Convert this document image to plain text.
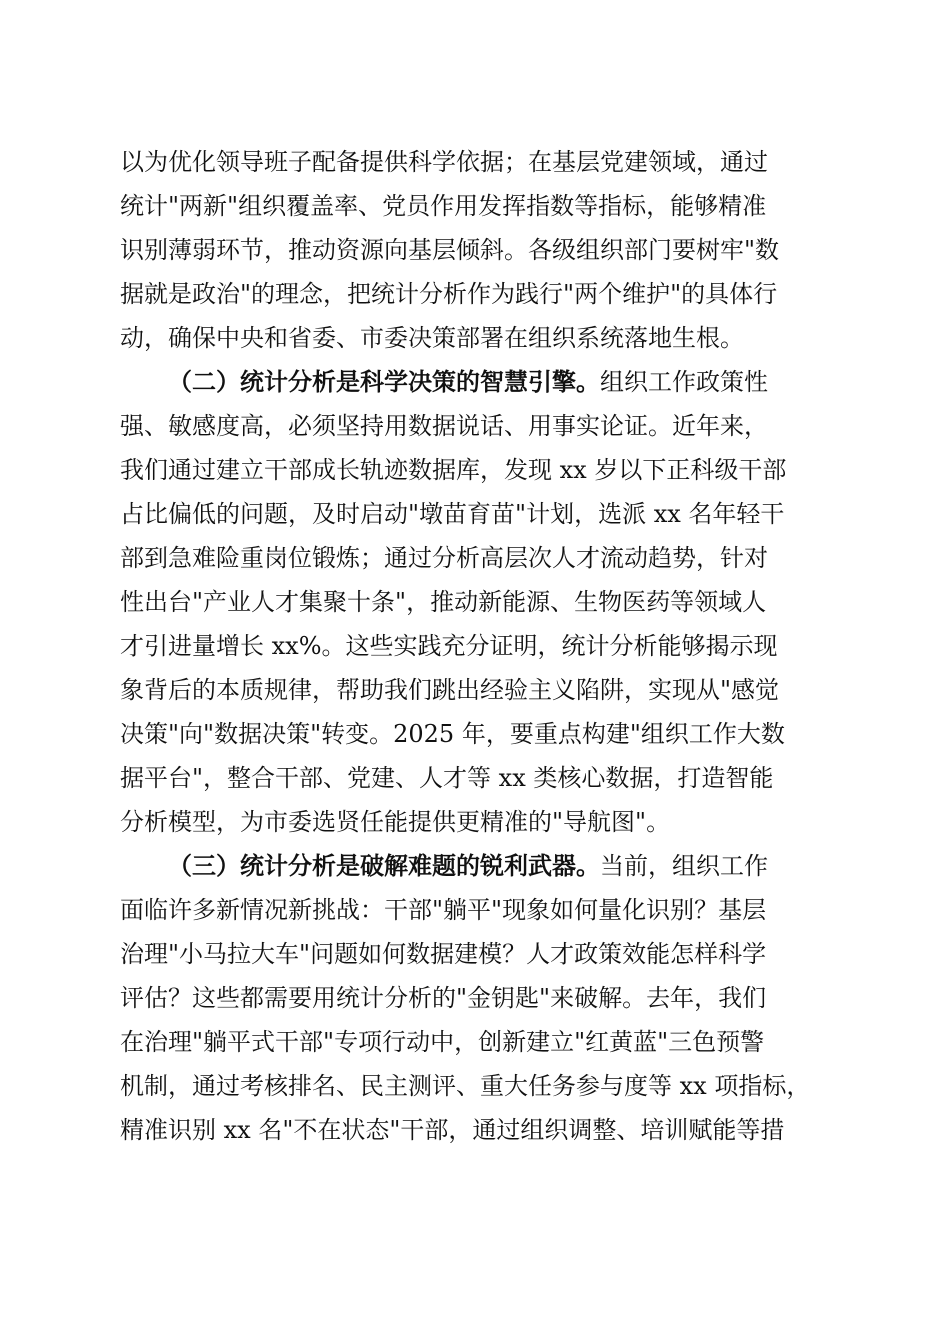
以为优化领导班子配备提供科学依据；在基层党建领域，通过
统计"两新"组织覆盖率、党员作用发挥指数等指标，能够精准
识别薄弱环节，推动资源向基层倾斜。各级组织部门要树牢"数
据就是政治"的理念，把统计分析作为践行"两个维护"的具体行
动，确保中央和省委、市委决策部署在组织系统落地生根。
（二）统计分析是科学决策的智慧引擎。组织工作政策性
强、敏感度高，必须坚持用数据说话、用事实论证。近年来，
我们通过建立干部成长轨迹数据库，发现 xx 岁以下正科级干部
占比偏低的问题，及时启动"墩苗育苗"计划，选派 xx 名年轻干
部到急难险重岗位锻炼；通过分析高层次人才流动趋势，针对
性出台"产业人才集聚十条"，推动新能源、生物医药等领域人
才引进量增长 xx%。这些实践充分证明，统计分析能够揭示现
象背后的本质规律，帮助我们跳出经验主义陷阱，实现从"感觉
决策"向"数据决策"转变。2025 年，要重点构建"组织工作大数
据平台"，整合干部、党建、人才等 xx 类核心数据，打造智能
分析模型，为市委选贤任能提供更精准的"导航图"。
（三）统计分析是破解难题的锐利武器。当前，组织工作
面临许多新情况新挑战：干部"躺平"现象如何量化识别？基层
治理"小马拉大车"问题如何数据建模？人才政策效能怎样科学
评估？这些都需要用统计分析的"金钥匙"来破解。去年，我们
在治理"躺平式干部"专项行动中，创新建立"红黄蓝"三色预警
机制，通过考核排名、民主测评、重大任务参与度等 xx 项指标，
精准识别 xx 名"不在状态"干部，通过组织调整、培训赋能等措
